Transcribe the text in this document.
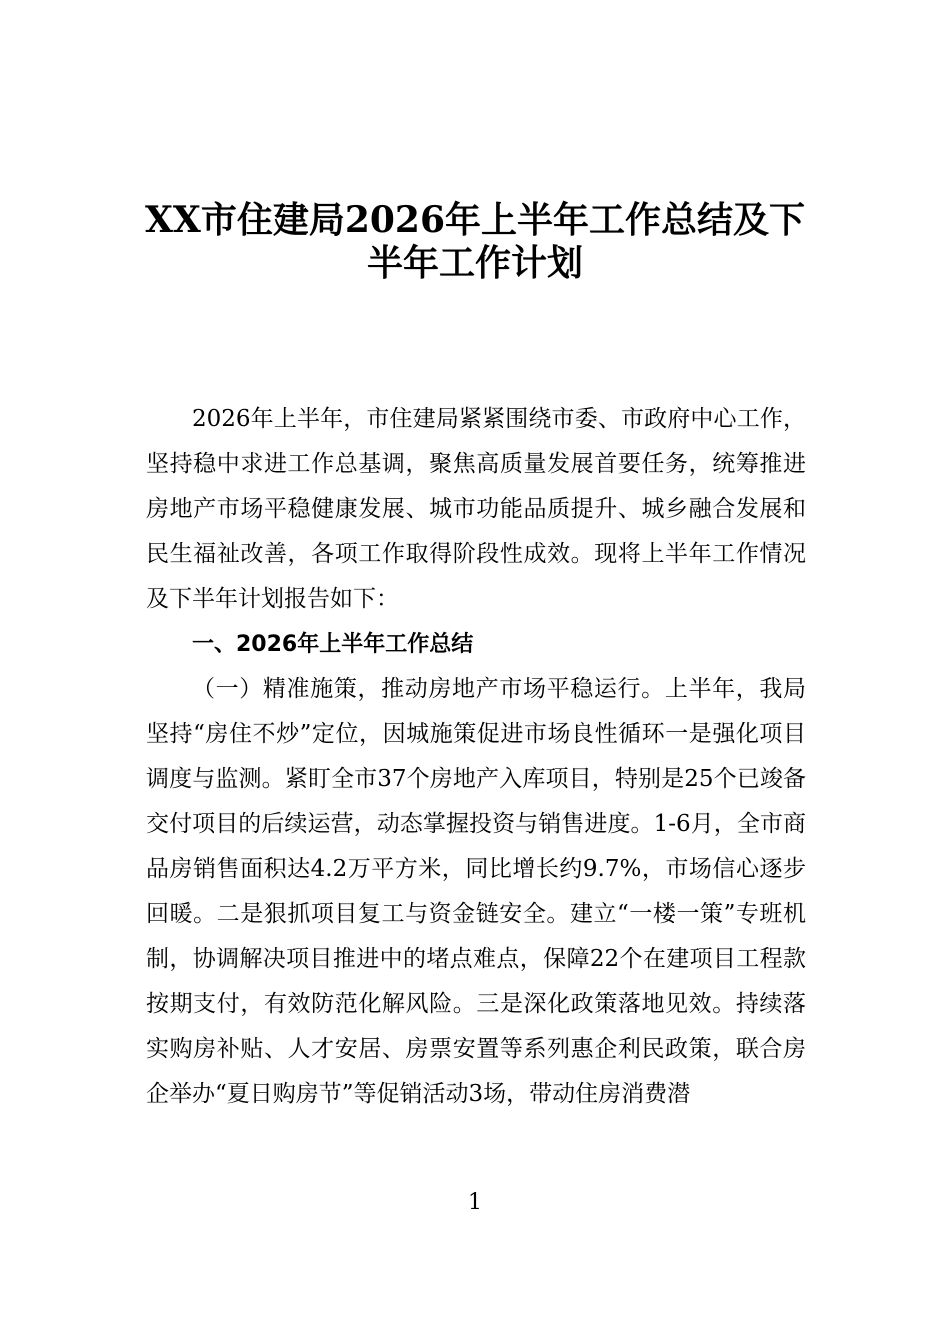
XX市住建局2026年上半年工作总结及下
半年工作计划

2026年上半年，市住建局紧紧围绕市委、市政府中心工作，坚持稳中求进工作总基调，聚焦高质量发展首要任务，统筹推进房地产市场平稳健康发展、城市功能品质提升、城乡融合发展和民生福祉改善，各项工作取得阶段性成效。现将上半年工作情况及下半年计划报告如下：

一、2026年上半年工作总结

（一）精准施策，推动房地产市场平稳运行。上半年，我局坚持“房住不炒”定位，因城施策促进市场良性循环一是强化项目调度与监测。紧盯全市37个房地产入库项目，特别是25个已竣备交付项目的后续运营，动态掌握投资与销售进度。1-6月，全市商品房销售面积达4.2万平方米，同比增长约9.7%，市场信心逐步回暖。二是狠抓项目复工与资金链安全。建立“一楼一策”专班机制，协调解决项目推进中的堵点难点，保障22个在建项目工程款按期支付，有效防范化解风险。三是深化政策落地见效。持续落实购房补贴、人才安居、房票安置等系列惠企利民政策，联合房企举办“夏日购房节”等促销活动3场，带动住房消费潜

1
